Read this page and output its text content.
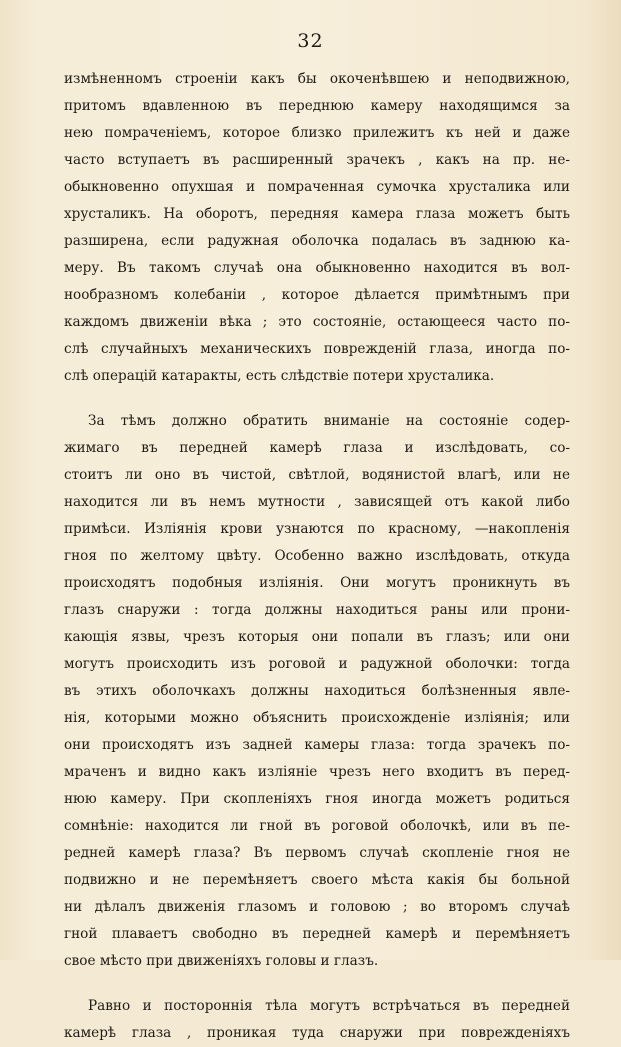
32
измѣненномъ строеніи какъ бы окоченѣвшею и неподвижною,
притомъ вдавленною въ переднюю камеру находящимся за
нею помраченіемъ, которое близко прилежитъ къ ней и даже
часто вступаетъ въ расширенный зрачекъ , какъ на пр. не-
обыкновенно опухшая и помраченная сумочка хрусталика или
хрусталикъ. На оборотъ, передняя камера глаза можетъ быть
разширена, если радужная оболочка подалась въ заднюю ка-
меру. Въ такомъ случаѣ она обыкновенно находится въ вол-
нообразномъ колебаніи , которое дѣлается примѣтнымъ при
каждомъ движеніи вѣка ; это состояніе, остающееся часто по-
слѣ случайныхъ механическихъ поврежденій глаза, иногда по-
слѣ операцій катаракты, есть слѣдствіе потери хрусталика.
За тѣмъ должно обратить вниманіе на состояніе содер-
жимаго въ передней камерѣ глаза и изслѣдовать, со-
стоитъ ли оно въ чистой, свѣтлой, водянистой влагѣ, или не
находится ли въ немъ мутности , зависящей отъ какой либо
примѣси. Изліянія крови узнаются по красному, —накопленія
гноя по желтому цвѣту. Особенно важно изслѣдовать, откуда
происходятъ подобныя изліянія. Они могутъ проникнуть въ
глазъ снаружи : тогда должны находиться раны или прони-
кающія язвы, чрезъ которыя они попали въ глазъ; или они
могутъ происходить изъ роговой и радужной оболочки: тогда
въ этихъ оболочкахъ должны находиться болѣзненныя явле-
нія, которыми можно объяснить происхожденіе изліянія; или
они происходятъ изъ задней камеры глаза: тогда зрачекъ по-
мраченъ и видно какъ изліяніе чрезъ него входитъ въ перед-
нюю камеру. При скопленіяхъ гноя иногда можетъ родиться
сомнѣніе: находится ли гной въ роговой оболочкѣ, или въ пе-
редней камерѣ глаза? Въ первомъ случаѣ скопленіе гноя не
подвижно и не перемѣняетъ своего мѣста какія бы больной
ни дѣлалъ движенія глазомъ и головою ; во второмъ случаѣ
гной плаваетъ свободно въ передней камерѣ и перемѣняетъ
свое мѣсто при движеніяхъ головы и глазъ.
Равно и постороннія тѣла могутъ встрѣчаться въ передней
камерѣ глаза , проникая туда снаружи при поврежденіяхъ
